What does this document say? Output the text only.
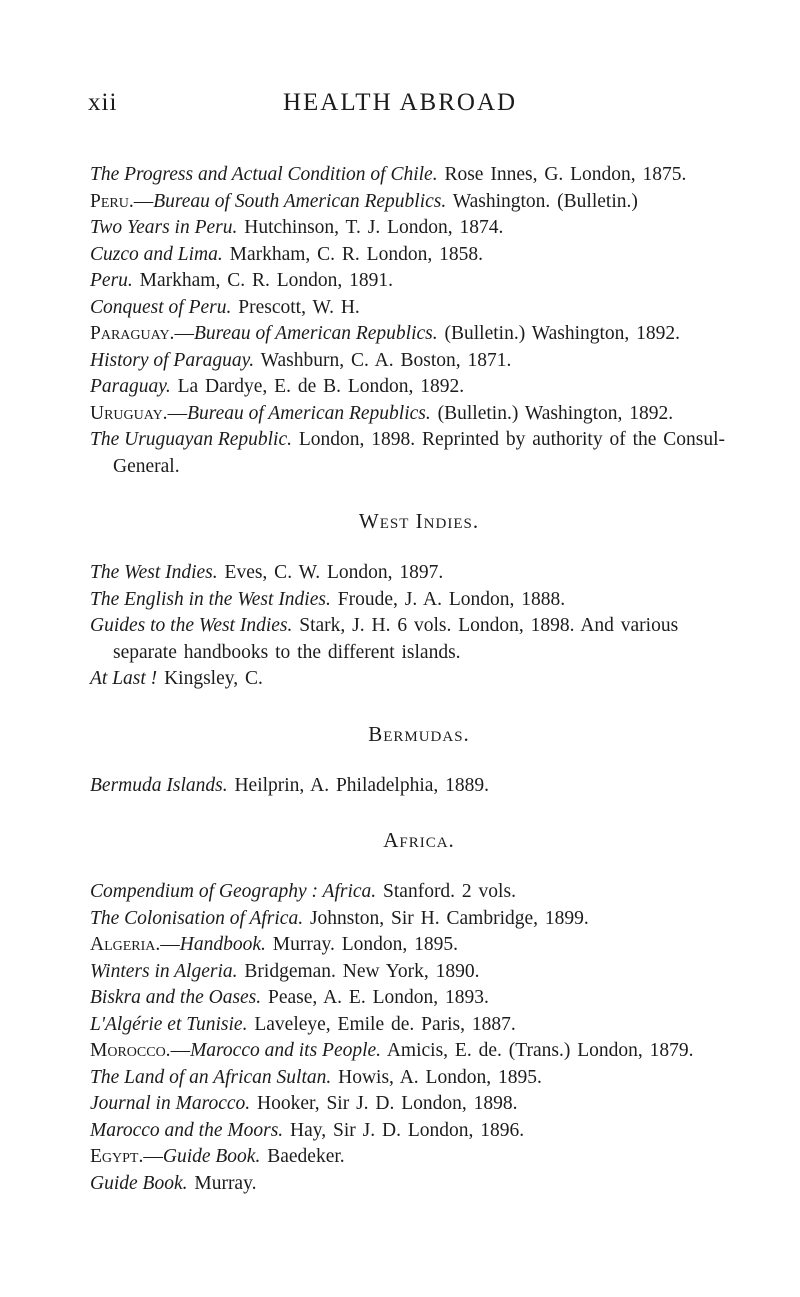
xii	HEALTH ABROAD

The Progress and Actual Condition of Chile. Rose Innes, G. London, 1875.

Peru.—Bureau of South American Republics. Washington. (Bulletin.)

Two Years in Peru. Hutchinson, T. J. London, 1874.

Cuzco and Lima. Markham, C. R. London, 1858.

Peru. Markham, C. R. London, 1891.

Conquest of Peru. Prescott, W. H.

Paraguay.—Bureau of American Republics. (Bulletin.) Washington, 1892.

History of Paraguay. Washburn, C. A. Boston, 1871.

Paraguay. La Dardye, E. de B. London, 1892.

Uruguay.—Bureau of American Republics. (Bulletin.) Washington, 1892.

The Uruguayan Republic. London, 1898. Reprinted by authority of the Consul-General.

West Indies.

The West Indies. Eves, C. W. London, 1897.

The English in the West Indies. Froude, J. A. London, 1888.

Guides to the West Indies. Stark, J. H. 6 vols. London, 1898. And various separate handbooks to the different islands.

At Last ! Kingsley, C.

Bermudas.

Bermuda Islands. Heilprin, A. Philadelphia, 1889.

Africa.

Compendium of Geography : Africa. Stanford. 2 vols.

The Colonisation of Africa. Johnston, Sir H. Cambridge, 1899.

Algeria.—Handbook. Murray. London, 1895.

Winters in Algeria. Bridgeman. New York, 1890.

Biskra and the Oases. Pease, A. E. London, 1893.

L'Algérie et Tunisie. Laveleye, Emile de. Paris, 1887.

Morocco.—Marocco and its People. Amicis, E. de. (Trans.) London, 1879.

The Land of an African Sultan. Howis, A. London, 1895.

Journal in Marocco. Hooker, Sir J. D. London, 1898.

Marocco and the Moors. Hay, Sir J. D. London, 1896.

Egypt.—Guide Book. Baedeker.

Guide Book. Murray.
